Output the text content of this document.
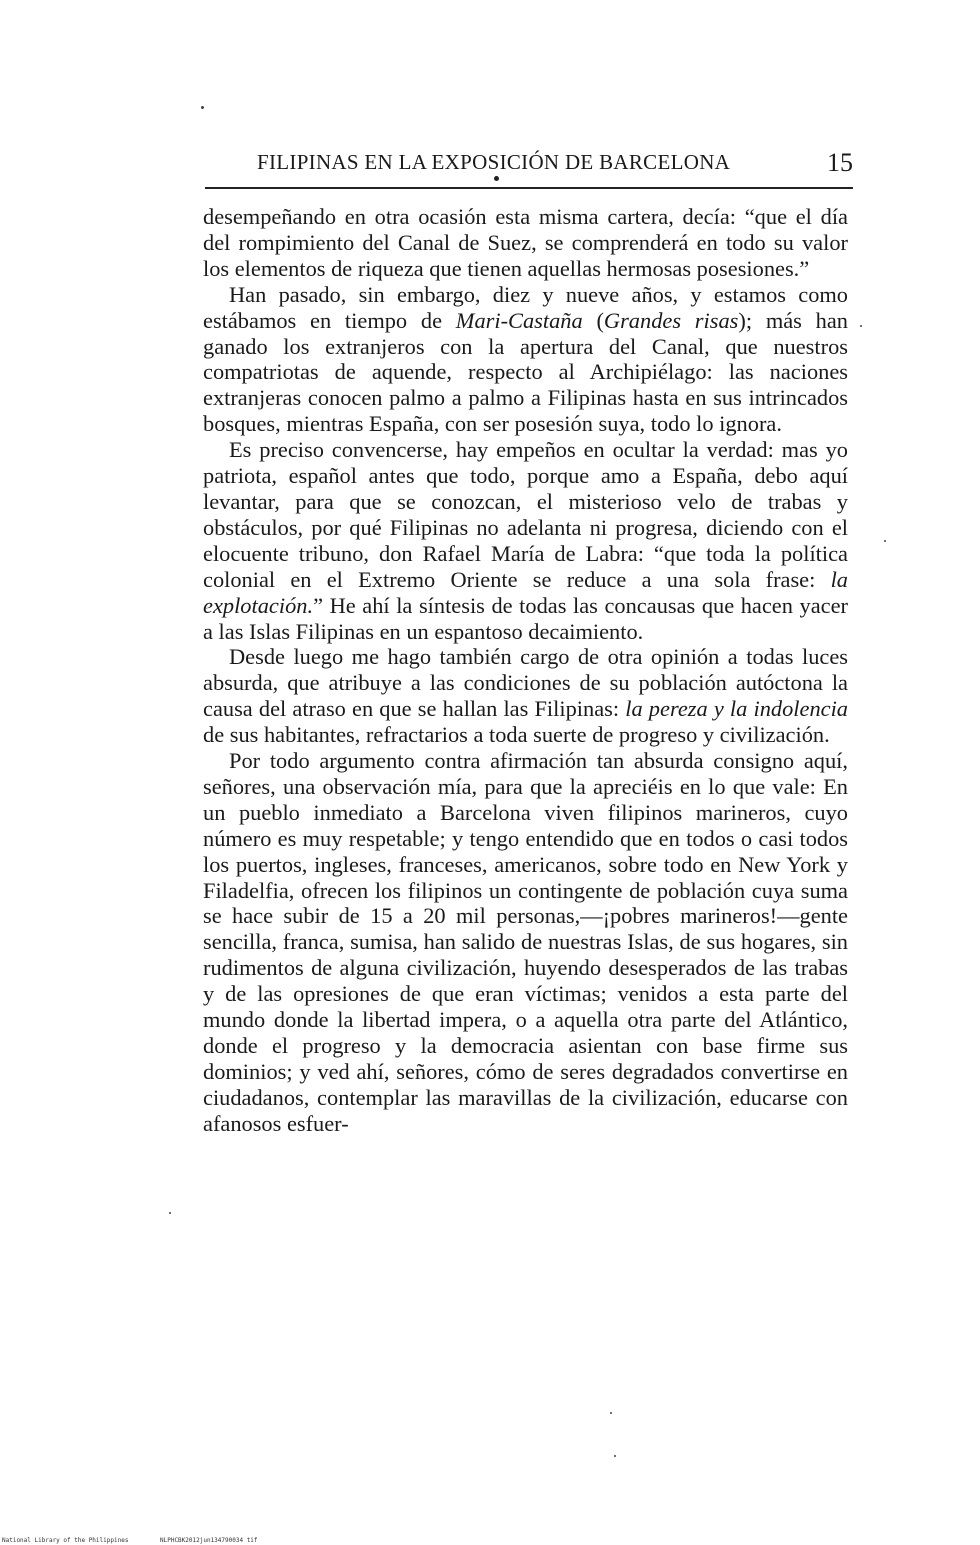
FILIPINAS EN LA EXPOSICIÓN DE BARCELONA	15

desempeñando en otra ocasión esta misma cartera, decía: “que el día del rompimiento del Canal de Suez, se comprenderá en todo su valor los elementos de riqueza que tienen aquellas hermosas posesiones.”

Han pasado, sin embargo, diez y nueve años, y estamos como estábamos en tiempo de Mari-Castaña (Grandes risas); más han ganado los extranjeros con la apertura del Canal, que nuestros compatriotas de aquende, respecto al Archipiélago: las naciones extranjeras conocen palmo a palmo a Filipinas hasta en sus intrincados bosques, mientras España, con ser posesión suya, todo lo ignora.

Es preciso convencerse, hay empeños en ocultar la verdad: mas yo patriota, español antes que todo, porque amo a España, debo aquí levantar, para que se conozcan, el misterioso velo de trabas y obstáculos, por qué Filipinas no adelanta ni progresa, diciendo con el elocuente tribuno, don Rafael María de Labra: “que toda la política colonial en el Extremo Oriente se reduce a una sola frase: la explotación.” He ahí la síntesis de todas las concausas que hacen yacer a las Islas Filipinas en un espantoso decaimiento.

Desde luego me hago también cargo de otra opinión a todas luces absurda, que atribuye a las condiciones de su población autóctona la causa del atraso en que se hallan las Filipinas: la pereza y la indolencia de sus habitantes, refractarios a toda suerte de progreso y civilización.

Por todo argumento contra afirmación tan absurda consigno aquí, señores, una observación mía, para que la apreciéis en lo que vale: En un pueblo inmediato a Barcelona viven filipinos marineros, cuyo número es muy respetable; y tengo entendido que en todos o casi todos los puertos, ingleses, franceses, americanos, sobre todo en New York y Filadelfia, ofrecen los filipinos un contingente de población cuya suma se hace subir de 15 a 20 mil personas,—¡pobres marineros!—gente sencilla, franca, sumisa, han salido de nuestras Islas, de sus hogares, sin rudimentos de alguna civilización, huyendo desesperados de las trabas y de las opresiones de que eran víctimas; venidos a esta parte del mundo donde la libertad impera, o a aquella otra parte del Atlántico, donde el progreso y la democracia asientan con base firme sus dominios; y ved ahí, señores, cómo de seres degradados convertirse en ciudadanos, contemplar las maravillas de la civilización, educarse con afanosos esfuer-

National Library of the Philippines	NLPHCBK2012jun134790034 tif
